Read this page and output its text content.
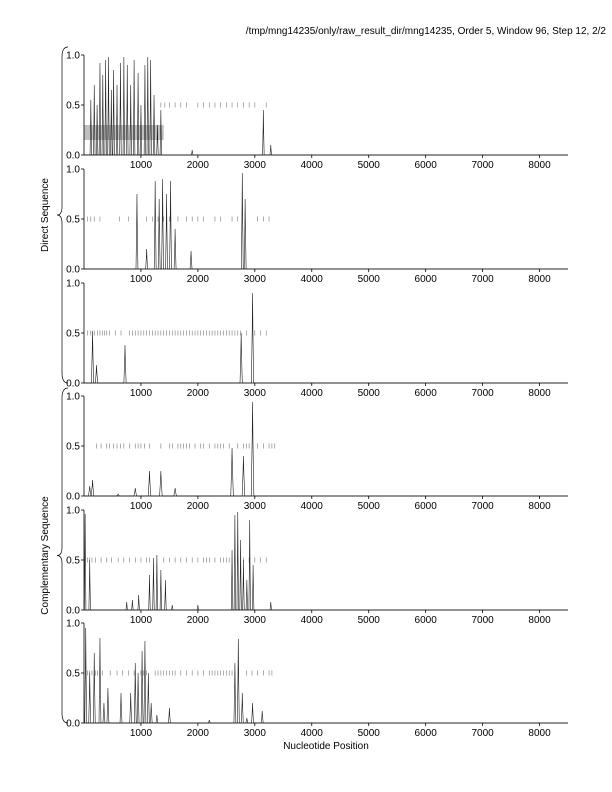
/tmp/mng14235/only/raw_result_dir/mng14235, Order 5, Window 96, Step 12, 2/2
0.0
0.5
1.0
1000	2000	3000	4000	5000	6000	7000	8000
0.0
0.5
1.0
1000	2000	3000	4000	5000	6000	7000	8000
0.0
0.5
1.0
1000	2000	3000	4000	5000	6000	7000	8000
0.0
0.5
1.0
1000	2000	3000	4000	5000	6000	7000	8000
0.0
0.5
1.0
1000	2000	3000	4000	5000	6000	7000	8000
0.0
0.5
1.0
1000	2000	3000	4000	5000	6000	7000	8000
Direct Sequence
Complementary Sequence
Nucleotide Position
